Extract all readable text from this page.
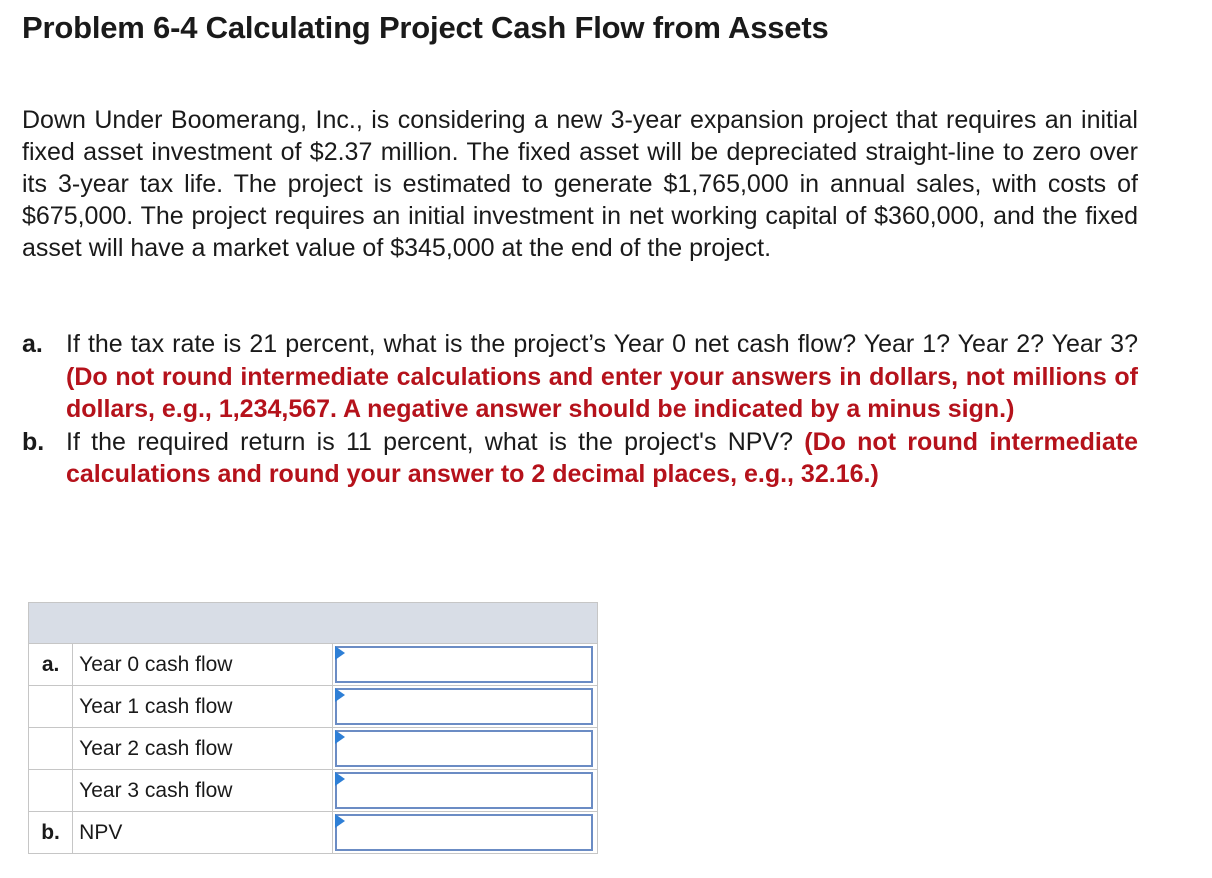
Problem 6-4 Calculating Project Cash Flow from Assets

Down Under Boomerang, Inc., is considering a new 3-year expansion project that requires an initial fixed asset investment of $2.37 million. The fixed asset will be depreciated straight-line to zero over its 3-year tax life. The project is estimated to generate $1,765,000 in annual sales, with costs of $675,000. The project requires an initial investment in net working capital of $360,000, and the fixed asset will have a market value of $345,000 at the end of the project.

a. If the tax rate is 21 percent, what is the project’s Year 0 net cash flow? Year 1? Year 2? Year 3? (Do not round intermediate calculations and enter your answers in dollars, not millions of dollars, e.g., 1,234,567. A negative answer should be indicated by a minus sign.)
b. If the required return is 11 percent, what is the project's NPV? (Do not round intermediate calculations and round your answer to 2 decimal places, e.g., 32.16.)

a.	Year 0 cash flow	

	Year 1 cash flow	

	Year 2 cash flow	

	Year 3 cash flow	

b.	NPV	
